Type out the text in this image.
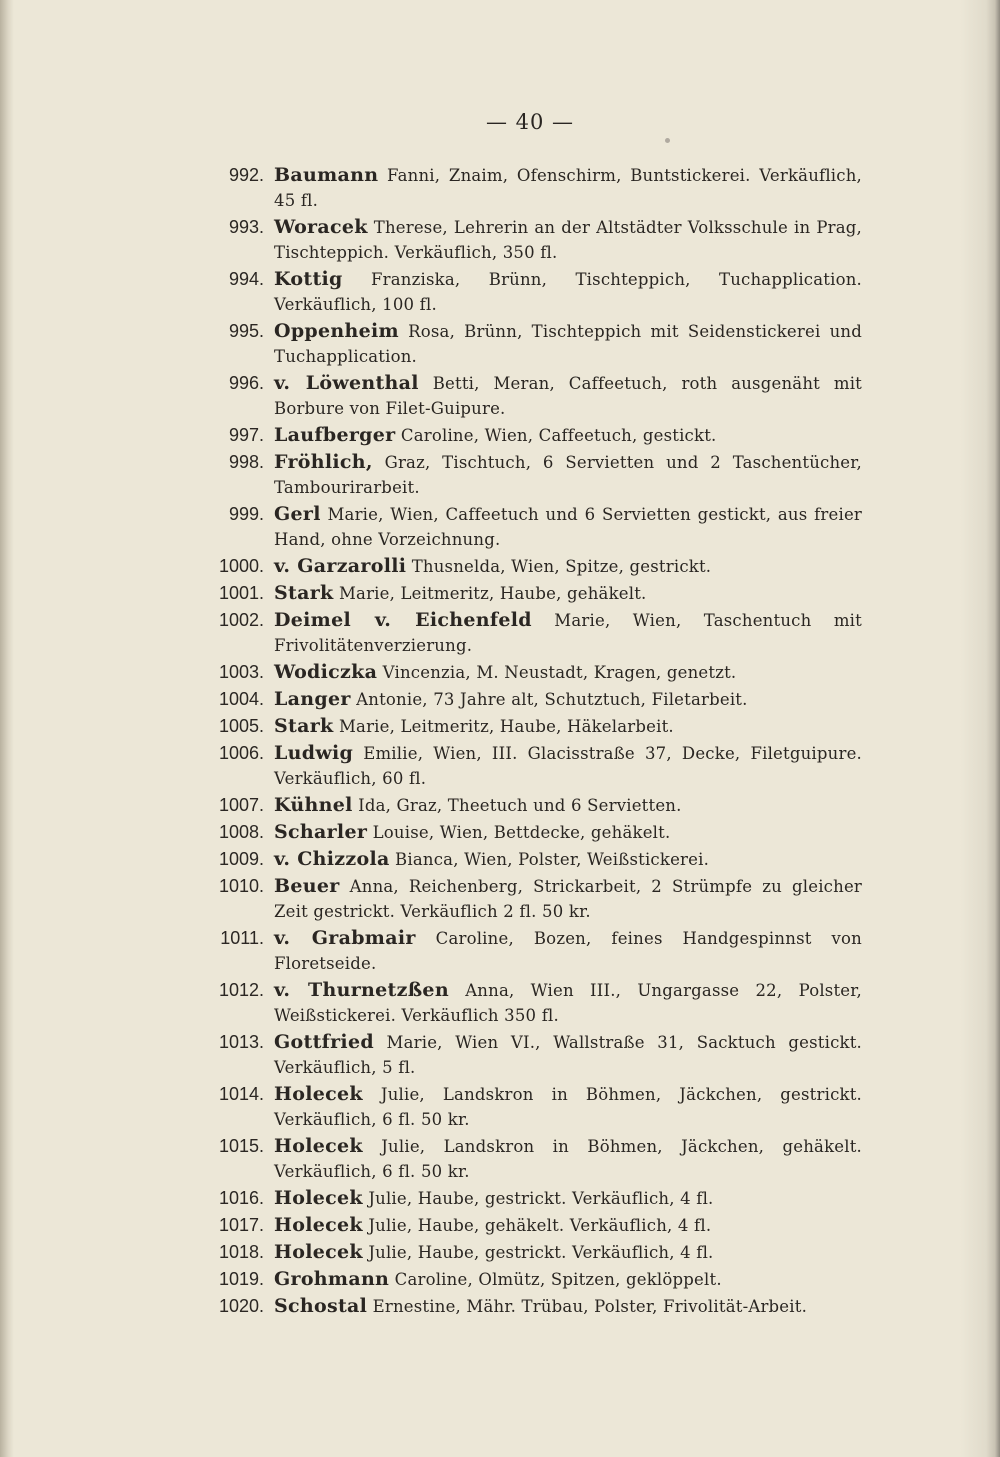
— 40 —
992. Baumann Fanni, Znaim, Ofenschirm, Buntstickerei. Verkäuflich, 45 fl.
993. Woracek Therese, Lehrerin an der Altstädter Volksschule in Prag, Tischteppich. Verkäuflich, 350 fl.
994. Kottig Franziska, Brünn, Tischteppich, Tuchapplication. Verkäuflich, 100 fl.
995. Oppenheim Rosa, Brünn, Tischteppich mit Seidenstickerei und Tuchapplication.
996. v. Löwenthal Betti, Meran, Caffeetuch, roth ausgenäht mit Borbure von Filet-Guipure.
997. Laufberger Caroline, Wien, Caffeetuch, gestickt.
998. Fröhlich, Graz, Tischtuch, 6 Servietten und 2 Taschentücher, Tambourirarbeit.
999. Gerl Marie, Wien, Caffeetuch und 6 Servietten gestickt, aus freier Hand, ohne Vorzeichnung.
1000. v. Garzarolli Thusnelda, Wien, Spitze, gestrickt.
1001. Stark Marie, Leitmeritz, Haube, gehäkelt.
1002. Deimel v. Eichenfeld Marie, Wien, Taschentuch mit Frivolitätenverzierung.
1003. Wodiczka Vincenzia, M. Neustadt, Kragen, genetzt.
1004. Langer Antonie, 73 Jahre alt, Schutztuch, Filetarbeit.
1005. Stark Marie, Leitmeritz, Haube, Häkelarbeit.
1006. Ludwig Emilie, Wien, III. Glacisstraße 37, Decke, Filetguipure. Verkäuflich, 60 fl.
1007. Kühnel Ida, Graz, Theetuch und 6 Servietten.
1008. Scharler Louise, Wien, Bettdecke, gehäkelt.
1009. v. Chizzola Bianca, Wien, Polster, Weißstickerei.
1010. Beuer Anna, Reichenberg, Strickarbeit, 2 Strümpfe zu gleicher Zeit gestrickt. Verkäuflich 2 fl. 50 kr.
1011. v. Grabmair Caroline, Bozen, feines Handgespinnst von Floretseide.
1012. v. Thurnetzßen Anna, Wien III., Ungargasse 22, Polster, Weißstickerei. Verkäuflich 350 fl.
1013. Gottfried Marie, Wien VI., Wallstraße 31, Sacktuch gestickt. Verkäuflich, 5 fl.
1014. Holecek Julie, Landskron in Böhmen, Jäckchen, gestrickt. Verkäuflich, 6 fl. 50 kr.
1015. Holecek Julie, Landskron in Böhmen, Jäckchen, gehäkelt. Verkäuflich, 6 fl. 50 kr.
1016. Holecek Julie, Haube, gestrickt. Verkäuflich, 4 fl.
1017. Holecek Julie, Haube, gehäkelt. Verkäuflich, 4 fl.
1018. Holecek Julie, Haube, gestrickt. Verkäuflich, 4 fl.
1019. Grohmann Caroline, Olmütz, Spitzen, geklöppelt.
1020. Schostal Ernestine, Mähr. Trübau, Polster, Frivolität-Arbeit.
